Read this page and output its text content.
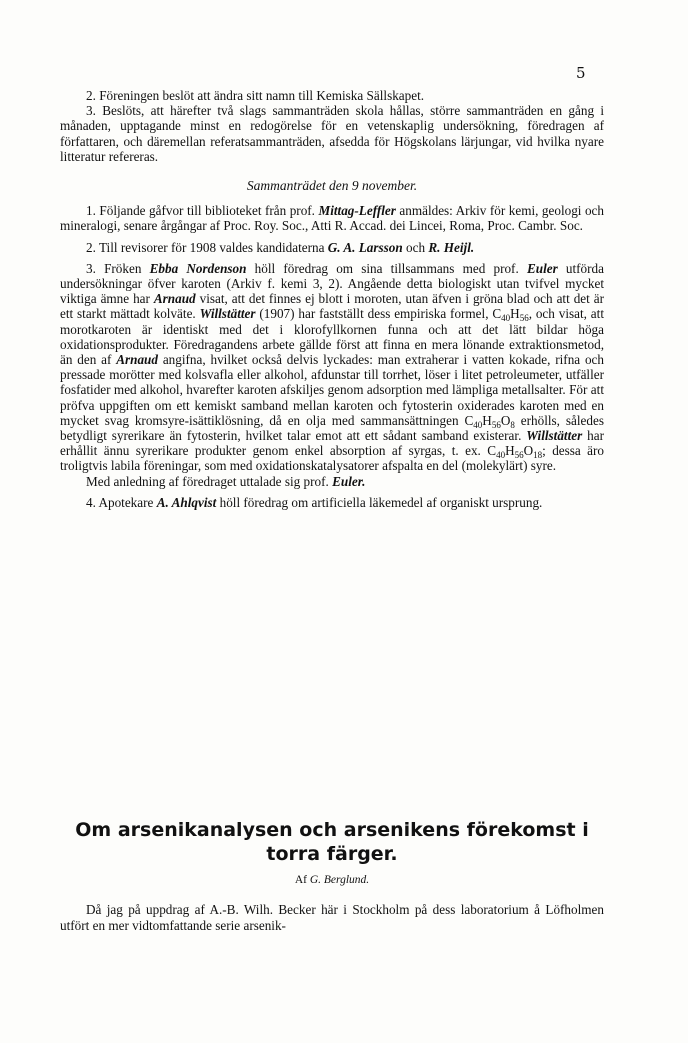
5

2. Föreningen beslöt att ändra sitt namn till Kemiska Sällskapet.

3. Beslöts, att härefter två slags sammanträden skola hållas, större sammanträden en gång i månaden, upptagande minst en redogörelse för en vetenskaplig undersökning, föredragen af författaren, och däremellan referatsammanträden, afsedda för Högskolans lärjungar, vid hvilka nyare litteratur refereras.

Sammanträdet den 9 november.

1. Följande gåfvor till biblioteket från prof. Mittag-Leffler anmäldes: Arkiv för kemi, geologi och mineralogi, senare årgångar af Proc. Roy. Soc., Atti R. Accad. dei Lincei, Roma, Proc. Cambr. Soc.

2. Till revisorer för 1908 valdes kandidaterna G. A. Larsson och R. Heijl.

3. Fröken Ebba Nordenson höll föredrag om sina tillsammans med prof. Euler utförda undersökningar öfver karoten (Arkiv f. kemi 3, 2). Angående detta biologiskt utan tvifvel mycket viktiga ämne har Arnaud visat, att det finnes ej blott i moroten, utan äfven i gröna blad och att det är ett starkt mättadt kolväte. Willstätter (1907) har fastställt dess empiriska formel, $C_{40}H_{56}$, och visat, att morotkaroten är identiskt med det i klorofyllkornen funna och att det lätt bildar höga oxidationsprodukter. Föredragandens arbete gällde först att finna en mera lönande extraktionsmetod, än den af Arnaud angifna, hvilket också delvis lyckades: man extraherar i vatten kokade, rifna och pressade morötter med kolsvafla eller alkohol, afdunstar till torrhet, löser i litet petroleumeter, utfäller fosfatider med alkohol, hvarefter karoten afskiljes genom adsorption med lämpliga metallsalter. För att pröfva uppgiften om ett kemiskt samband mellan karoten och fytosterin oxiderades karoten med en mycket svag kromsyre-isättiklösning, då en olja med sammansättningen $C_{40}H_{56}O_8$ erhölls, således betydligt syrerikare än fytosterin, hvilket talar emot att ett sådant samband existerar. Willstätter har erhållit ännu syrerikare produkter genom enkel absorption af syrgas, t. ex. $C_{40}H_{56}O_{18}$; dessa äro troligtvis labila föreningar, som med oxidationskatalysatorer afspalta en del (molekylärt) syre.

Med anledning af föredraget uttalade sig prof. Euler.

4. Apotekare A. Ahlqvist höll föredrag om artificiella läkemedel af organiskt ursprung.

Om arsenikanalysen och arsenikens förekomst i
torra färger.

Af G. Berglund.

Då jag på uppdrag af A.-B. Wilh. Becker här i Stockholm på dess laboratorium å Löfholmen utfört en mer vidtomfattande serie arsenik-
